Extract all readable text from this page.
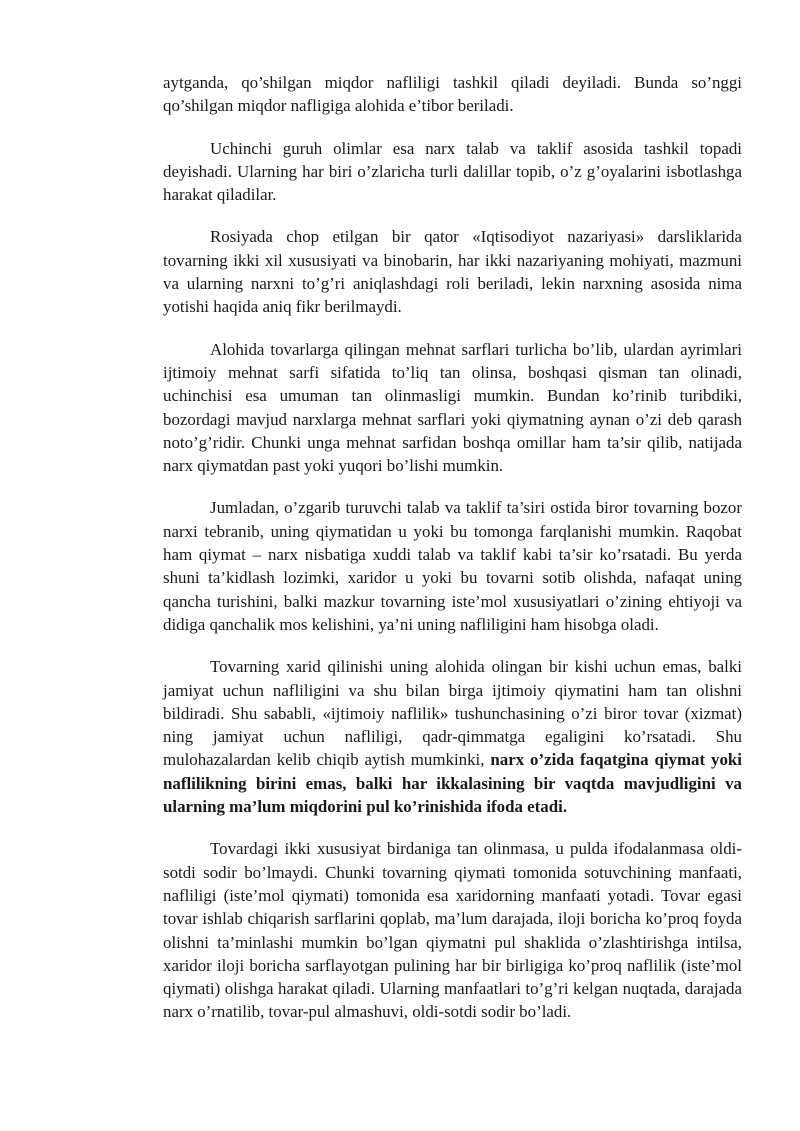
aytganda, qo’shilgan miqdor nafliligi tashkil qiladi deyiladi. Bunda so’nggi qo’shilgan miqdor nafligiga alohida e’tibor beriladi.

Uchinchi guruh olimlar esa narx talab va taklif asosida tashkil topadi deyishadi. Ularning har biri o’zlaricha turli dalillar topib, o’z g’oyalarini isbotlashga harakat qiladilar.

Rosiyada chop etilgan bir qator «Iqtisodiyot nazariyasi» darsliklarida tovarning ikki xil xususiyati va binobarin, har ikki nazariyaning mohiyati, mazmuni va ularning narxni to’g’ri aniqlashdagi roli beriladi, lekin narxning asosida nima yotishi haqida aniq fikr berilmaydi.

Alohida tovarlarga qilingan mehnat sarflari turlicha bo’lib, ulardan ayrimlari ijtimoiy mehnat sarfi sifatida to’liq tan olinsa, boshqasi qisman tan olinadi, uchinchisi esa umuman tan olinmasligi mumkin. Bundan ko’rinib turibdiki, bozordagi mavjud narxlarga mehnat sarflari yoki qiymatning aynan o’zi deb qarash noto’g’ridir. Chunki unga mehnat sarfidan boshqa omillar ham ta’sir qilib, natijada narx qiymatdan past yoki yuqori bo’lishi mumkin.

Jumladan, o’zgarib turuvchi talab va taklif ta’siri ostida biror tovarning bozor narxi tebranib, uning qiymatidan u yoki bu tomonga farqlanishi mumkin. Raqobat ham qiymat – narx nisbatiga xuddi talab va taklif kabi ta’sir ko’rsatadi. Bu yerda shuni ta’kidlash lozimki, xaridor u yoki bu tovarni sotib olishda, nafaqat uning qancha turishini, balki mazkur tovarning iste’mol xususiyatlari o’zining ehtiyoji va didiga qanchalik mos kelishini, ya’ni uning nafliligini ham hisobga oladi.

Tovarning xarid qilinishi uning alohida olingan bir kishi uchun emas, balki jamiyat uchun nafliligini va shu bilan birga ijtimoiy qiymatini ham tan olishni bildiradi. Shu sababli, «ijtimoiy naflilik» tushunchasining o’zi biror tovar (xizmat) ning jamiyat uchun nafliligi, qadr-qimmatga egaligini ko’rsatadi. Shu mulohazalardan kelib chiqib aytish mumkinki, narx o’zida faqatgina qiymat yoki naflilikning birini emas, balki har ikkalasining bir vaqtda mavjudligini va ularning ma’lum miqdorini pul ko’rinishida ifoda etadi.

Tovardagi ikki xususiyat birdaniga tan olinmasa, u pulda ifodalanmasa oldi-sotdi sodir bo’lmaydi. Chunki tovarning qiymati tomonida sotuvchining manfaati, nafliligi (iste’mol qiymati) tomonida esa xaridorning manfaati yotadi. Tovar egasi tovar ishlab chiqarish sarflarini qoplab, ma’lum darajada, iloji boricha ko’proq foyda olishni ta’minlashi mumkin bo’lgan qiymatni pul shaklida o’zlashtirishga intilsa, xaridor iloji boricha sarflayotgan pulining har bir birligiga ko’proq naflilik (iste’mol qiymati) olishga harakat qiladi. Ularning manfaatlari to’g’ri kelgan nuqtada, darajada narx o’rnatilib, tovar-pul almashuvi, oldi-sotdi sodir bo’ladi.
